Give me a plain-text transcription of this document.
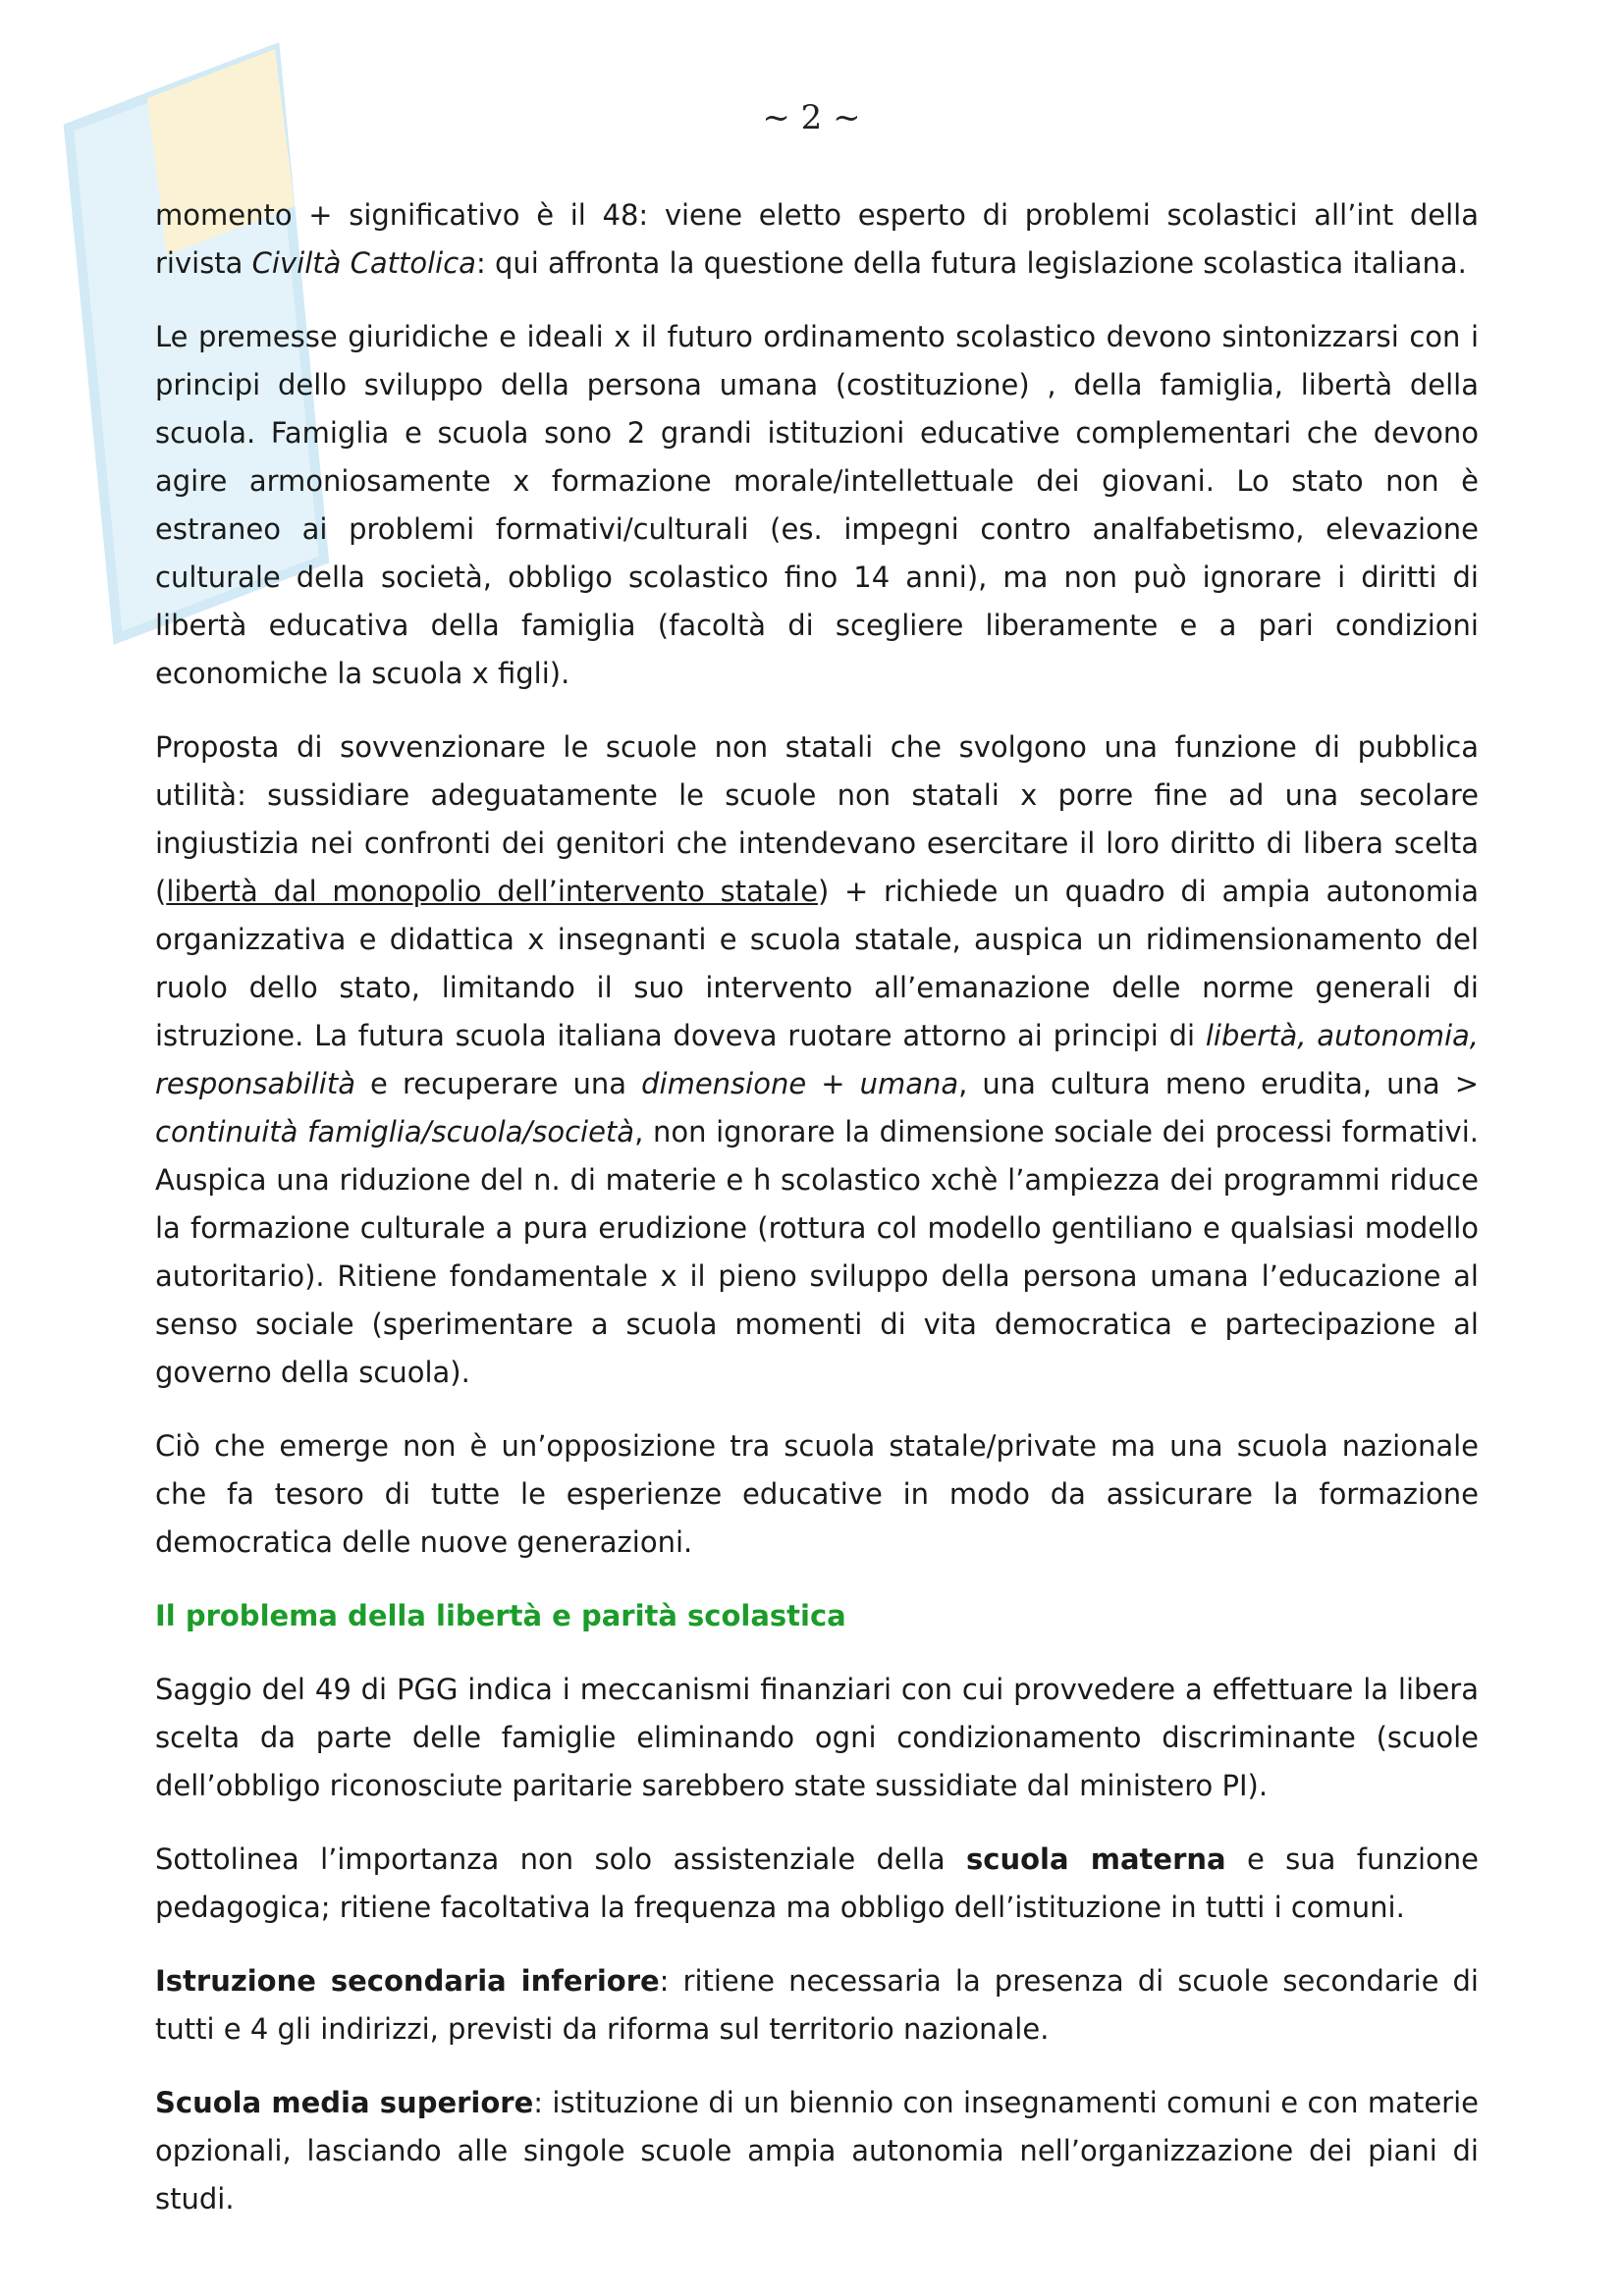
~ 2 ~

momento + significativo è il 48: viene eletto esperto di problemi scolastici all’int della rivista Civiltà Cattolica: qui affronta la questione della futura legislazione scolastica italiana.

Le premesse giuridiche e ideali x il futuro ordinamento scolastico devono sintonizzarsi con i principi dello sviluppo della persona umana (costituzione) , della famiglia, libertà della scuola. Famiglia e scuola sono 2 grandi istituzioni educative complementari che devono agire armoniosamente x formazione morale/intellettuale dei giovani. Lo stato non è estraneo ai problemi formativi/culturali (es. impegni contro analfabetismo, elevazione culturale della società, obbligo scolastico fino 14 anni), ma non può ignorare i diritti di libertà educativa della famiglia (facoltà di scegliere liberamente e a pari condizioni economiche la scuola x figli).

Proposta di sovvenzionare le scuole non statali che svolgono una funzione di pubblica utilità: sussidiare adeguatamente le scuole non statali x porre fine ad una secolare ingiustizia nei confronti dei genitori che intendevano esercitare il loro diritto di libera scelta (libertà dal monopolio dell’intervento statale) + richiede un quadro di ampia autonomia organizzativa e didattica x insegnanti e scuola statale, auspica un ridimensionamento del ruolo dello stato, limitando il suo intervento all’emanazione delle norme generali di istruzione. La futura scuola italiana doveva ruotare attorno ai principi di libertà, autonomia, responsabilità e recuperare una dimensione + umana, una cultura meno erudita, una > continuità famiglia/scuola/società, non ignorare la dimensione sociale dei processi formativi. Auspica una riduzione del n. di materie e h scolastico xchè l’ampiezza dei programmi riduce la formazione culturale a pura erudizione (rottura col modello gentiliano e qualsiasi modello autoritario). Ritiene fondamentale x il pieno sviluppo della persona umana l’educazione al senso sociale (sperimentare a scuola momenti di vita democratica e partecipazione al governo della scuola).

Ciò che emerge non è un’opposizione tra scuola statale/private ma una scuola nazionale che fa tesoro di tutte le esperienze educative in modo da assicurare la formazione democratica delle nuove generazioni.

Il problema della libertà e parità scolastica

Saggio del 49 di PGG indica i meccanismi finanziari con cui provvedere a effettuare la libera scelta da parte delle famiglie eliminando ogni condizionamento discriminante (scuole dell’obbligo riconosciute paritarie sarebbero state sussidiate dal ministero PI).

Sottolinea l’importanza non solo assistenziale della scuola materna e sua funzione pedagogica; ritiene facoltativa la frequenza ma obbligo dell’istituzione in tutti i comuni.

Istruzione secondaria inferiore: ritiene necessaria la presenza di scuole secondarie di tutti e 4 gli indirizzi, previsti da riforma sul territorio nazionale.

Scuola media superiore: istituzione di un biennio con insegnamenti comuni e con materie opzionali, lasciando alle singole scuole ampia autonomia nell’organizzazione dei piani di studi.
